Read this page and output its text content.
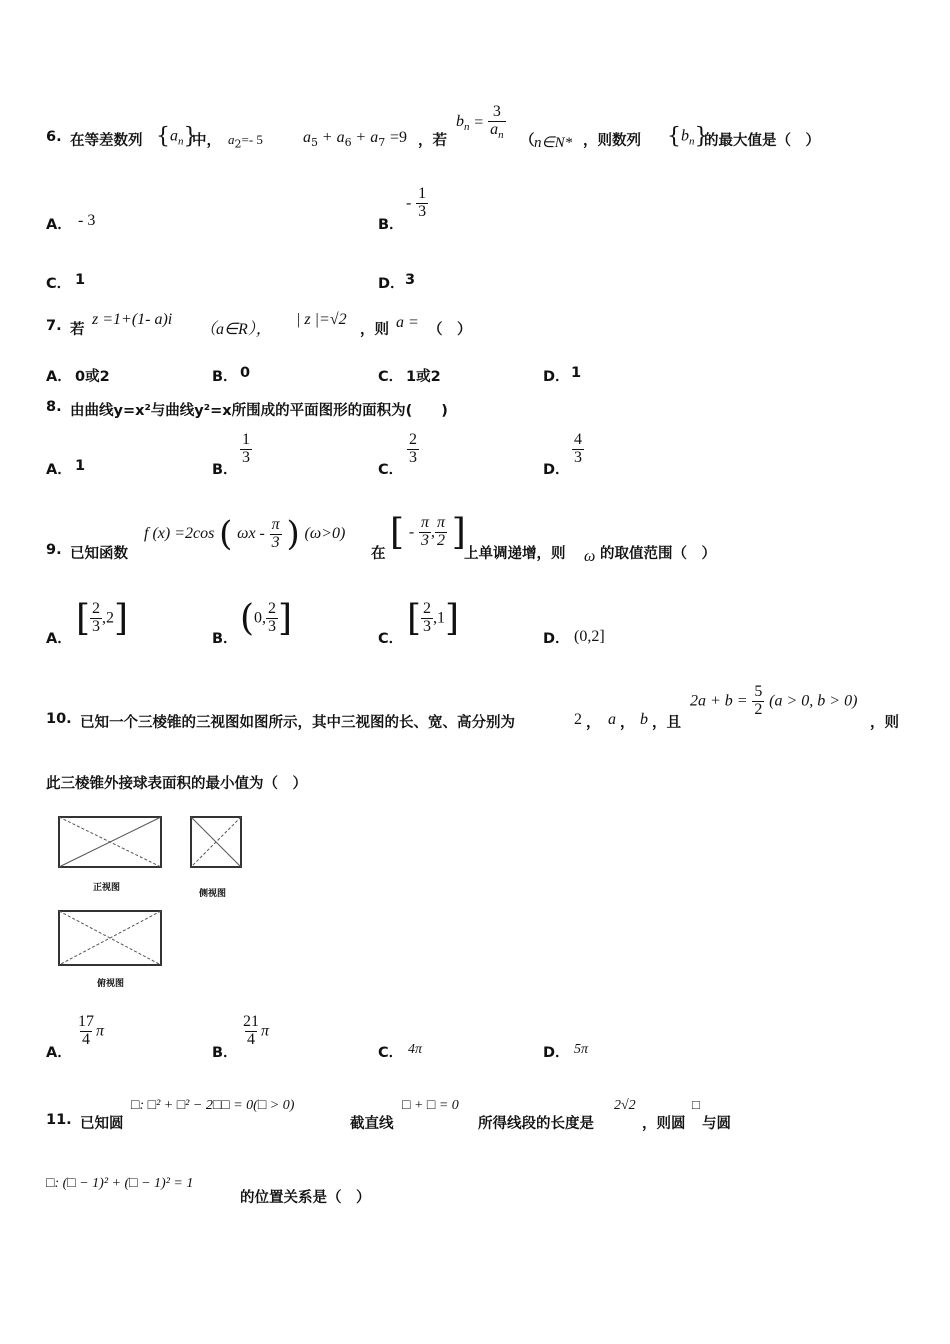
6. 在等差数列 $\{a_n\}$
中， $a_2=-$ 5	$a_5 + a_6 + a_7 =9$ ，若
$b_n = \frac{3}{a_n}$ （ n∈N* ，则数列 $\{b_n\}$
的最大值是（　）
A． - 3	B．
- $\frac{1}{3}$
C． 1	D． 3
7. 若
z =1+(1- a)i
（a∈R），
| z |=√2
，则 a = （　）
A． 0或2	B． 0	C． 1或2	D． 1
8. 由曲线y=x²与曲线y²=x所围成的平面图形的面积为(　　)
A． 1	B．
$\frac{1}{3}$
C．
$\frac{2}{3}$
D．
$\frac{4}{3}$
9. 已知函数
f (x) =2cos ( ωx - $\frac{\pi}{3}$ ) (ω>0)
在
[ - $\frac{\pi}{3}$ , $\frac{\pi}{2}$ ]
上单调递增，则 ω 的取值范围（　）
A． [ $\frac{2}{3} ,2$]	B． (0, $\frac{2}{3}$ ]	C． [ $\frac{2}{3} ,1$]	D． (0,2]
10. 已知一个三棱锥的三视图如图所示，其中三视图的长、宽、高分别为	2 ， a ， b ，且
$2a + b = \frac{5}{2} (a > 0$, b > 0)
，则
此三棱锥外接球表面积的最小值为（　）
正视图
侧视图
俯视图
A．
$\frac{17}{4}$ π
B．
$\frac{21}{4}$ π
C． 4π	D． 5π
11. 已知圆
□: □² + □² − 2□□ = 0(□ > 0)
截直线
□ + □ = 0
所得线段的长度是
2√2
，则圆
□
与圆
□: (□ − 1)² + (□ − 1)² = 1
的位置关系是（　）
